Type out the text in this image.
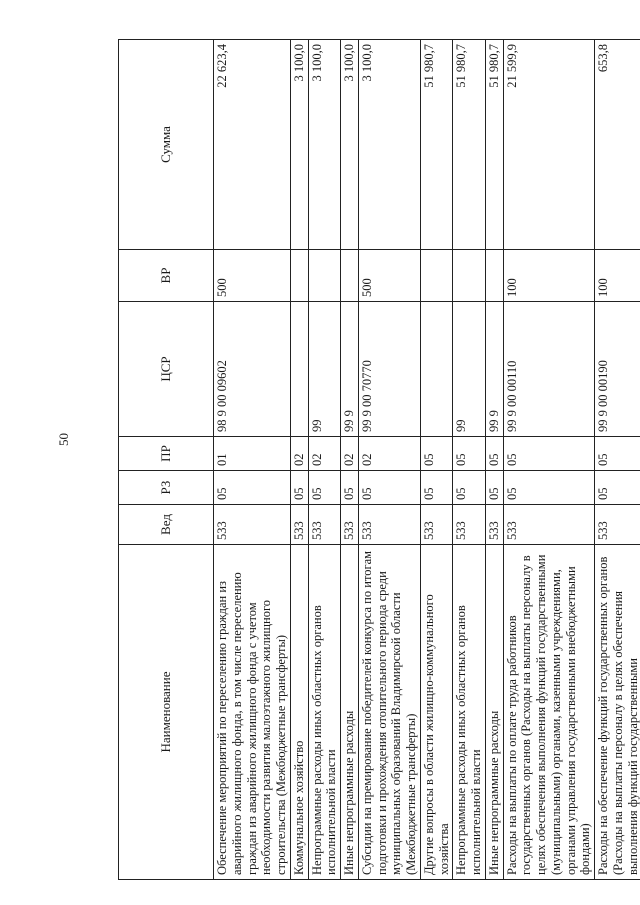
50
Наименование	Вед	РЗ	ПР	ЦСР	ВР	Сумма
Обеспечение мероприятий по переселению граждан из аварийного жилищного фонда, в том числе переселению граждан из аварийного жилищного фонда с учетом необходимости развития малоэтажного жилищного строительства (Межбюджетные трансферты)	533	05	01	98 9 00 09602	500	22 623,4
Коммунальное хозяйство	533	05	02			3 100,0
Непрограммные расходы иных областных органов исполнительной власти	533	05	02	99		3 100,0
Иные непрограммные расходы	533	05	02	99 9		3 100,0
Субсидии на премирование победителей конкурса по итогам подготовки и прохождения отопительного периода среди муниципальных образований Владимирской области (Межбюджетные трансферты)	533	05	02	99 9 00 70770	500	3 100,0
Другие вопросы в области жилищно-коммунального хозяйства	533	05	05			51 980,7
Непрограммные расходы иных областных органов исполнительной власти	533	05	05	99		51 980,7
Иные непрограммные расходы	533	05	05	99 9		51 980,7
Расходы на выплаты по оплате труда работников государственных органов (Расходы на выплаты персоналу в целях обеспечения выполнения функций государственными (муниципальными) органами, казенными учреждениями, органами управления государственными внебюджетными фондами)	533	05	05	99 9 00 00110	100	21 599,9
Расходы на обеспечение функций государственных органов (Расходы на выплаты персоналу в целях обеспечения выполнения функций государственными	533	05	05	99 9 00 00190	100	653,8
